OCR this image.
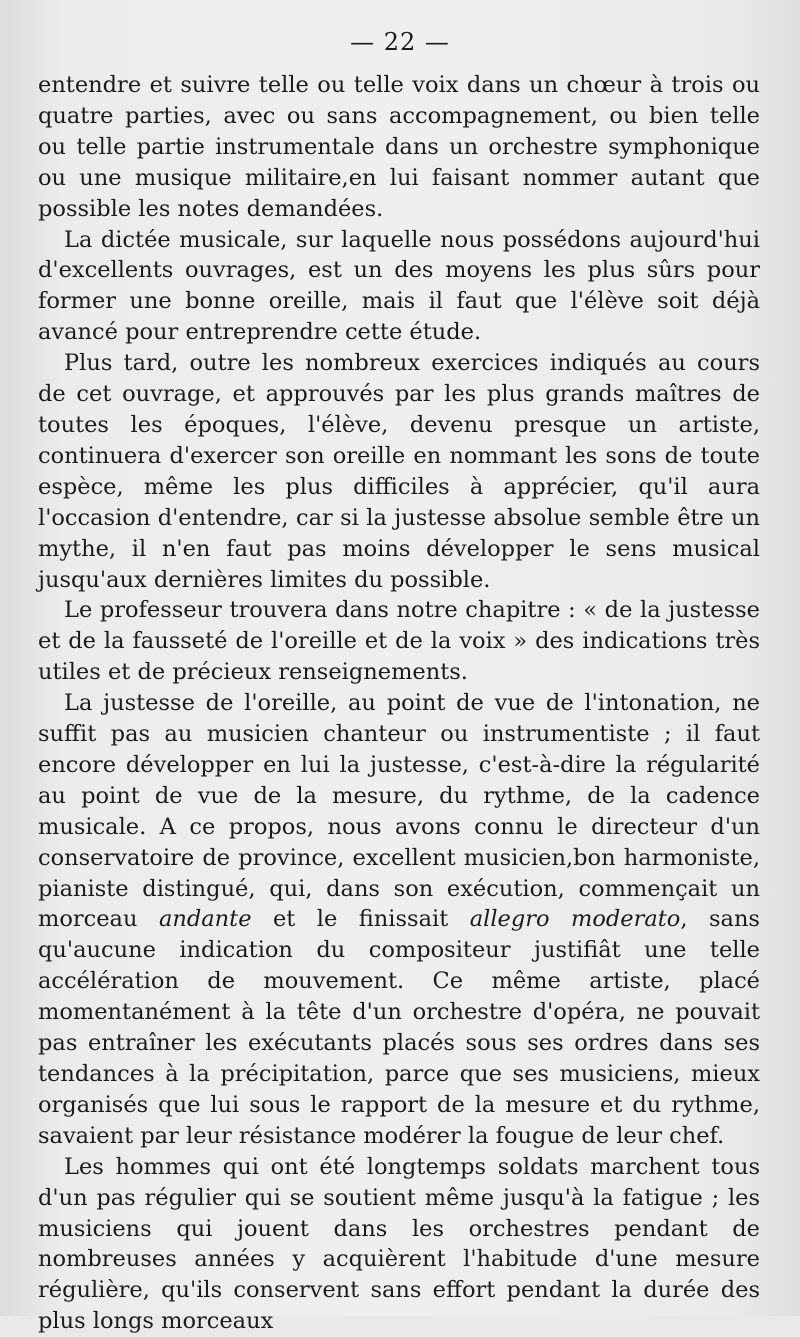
— 22 —

entendre et suivre telle ou telle voix dans un chœur à trois ou quatre parties, avec ou sans accompagnement, ou bien telle ou telle partie instrumentale dans un orchestre symphonique ou une musique militaire,en lui faisant nommer autant que possible les notes demandées.

La dictée musicale, sur laquelle nous possédons aujourd'hui d'excellents ouvrages, est un des moyens les plus sûrs pour former une bonne oreille, mais il faut que l'élève soit déjà avancé pour entreprendre cette étude.

Plus tard, outre les nombreux exercices indiqués au cours de cet ouvrage, et approuvés par les plus grands maîtres de toutes les époques, l'élève, devenu presque un artiste, continuera d'exercer son oreille en nommant les sons de toute espèce, même les plus difficiles à apprécier, qu'il aura l'occasion d'entendre, car si la justesse absolue semble être un mythe, il n'en faut pas moins développer le sens musical jusqu'aux dernières limites du possible.

Le professeur trouvera dans notre chapitre : « de la justesse et de la fausseté de l'oreille et de la voix » des indications très utiles et de précieux renseignements.

La justesse de l'oreille, au point de vue de l'intonation, ne suffit pas au musicien chanteur ou instrumentiste ; il faut encore développer en lui la justesse, c'est-à-dire la régularité au point de vue de la mesure, du rythme, de la cadence musicale. A ce propos, nous avons connu le directeur d'un conservatoire de province, excellent musicien,bon harmoniste, pianiste distingué, qui, dans son exécution, commençait un morceau andante et le finissait allegro moderato, sans qu'aucune indication du compositeur justifiât une telle accélération de mouvement. Ce même artiste, placé momentanément à la tête d'un orchestre d'opéra, ne pouvait pas entraîner les exécutants placés sous ses ordres dans ses tendances à la précipitation, parce que ses musiciens, mieux organisés que lui sous le rapport de la mesure et du rythme, savaient par leur résistance modérer la fougue de leur chef.

Les hommes qui ont été longtemps soldats marchent tous d'un pas régulier qui se soutient même jusqu'à la fatigue ; les musiciens qui jouent dans les orchestres pendant de nombreuses années y acquièrent l'habitude d'une mesure régulière, qu'ils conservent sans effort pendant la durée des plus longs morceaux
